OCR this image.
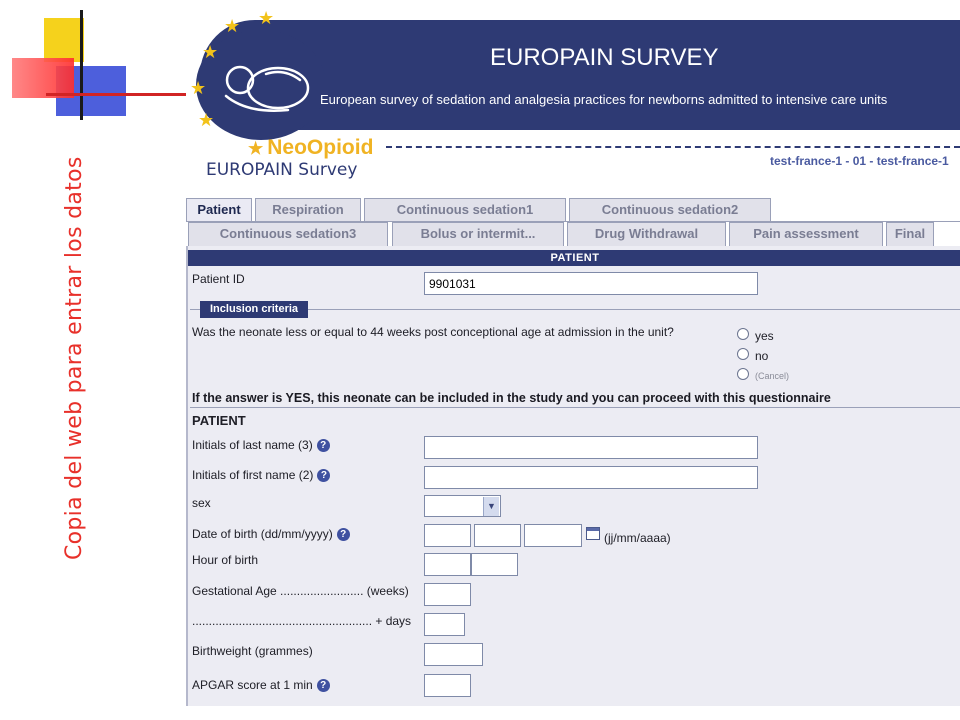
Copia del web para entrar los datos
★ ★
★
★
★
EUROPAIN SURVEY
European survey of sedation and analgesia practices for newborns admitted to intensive care units
★ NeoOpioid
EUROPAIN Survey	test-france-1 - 01 - test-france-1
Patient	Respiration	Continuous sedation1	Continuous sedation2
Continuous sedation3	Bolus or intermit...	Drug Withdrawal	Pain assessment	Final
PATIENT
Patient ID
9901031
Inclusion criteria
Was the neonate less or equal to 44 weeks post conceptional age at admission in the unit?	yes
no
(Cancel)
If the answer is YES, this neonate can be included in the study and you can proceed with this questionnaire
PATIENT
Initials of last name (3) ?
Initials of first name (2) ?
sex	▼
Date of birth (dd/mm/yyyy) ?	(jj/mm/aaaa)
Hour of birth
Gestational Age ......................... (weeks)
...................................................... + days
Birthweight (grammes)
APGAR score at 1 min ?
